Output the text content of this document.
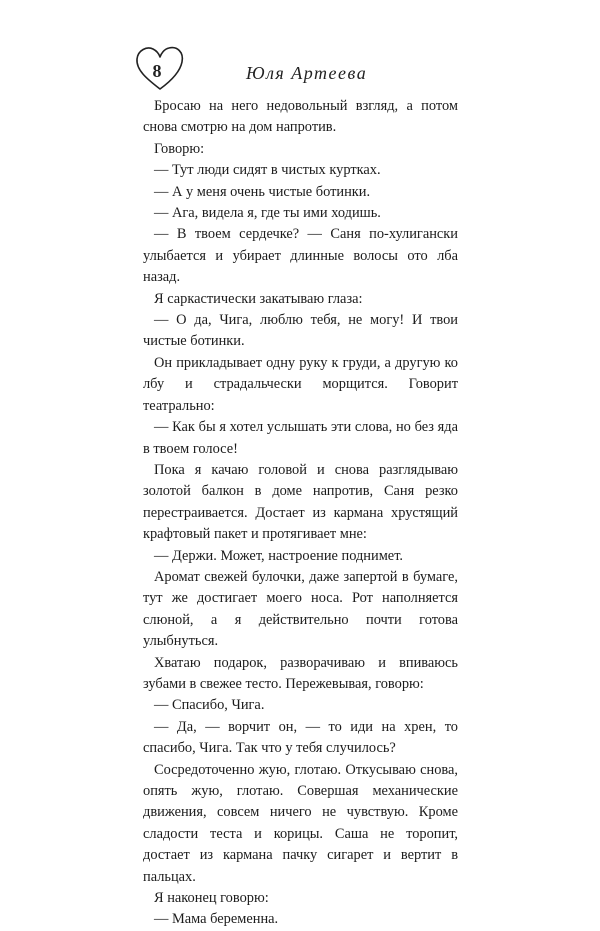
8	Юля Артеева

Бросаю на него недовольный взгляд, а потом снова смотрю на дом напротив.

Говорю:

— Тут люди сидят в чистых куртках.

— А у меня очень чистые ботинки.

— Ага, видела я, где ты ими ходишь.

— В твоем сердечке? — Саня по-хулигански улыбается и убирает длинные волосы ото лба назад.

Я саркастически закатываю глаза:

— О да, Чига, люблю тебя, не могу! И твои чистые ботинки.

Он прикладывает одну руку к груди, а другую ко лбу и страдальчески морщится. Говорит театрально:

— Как бы я хотел услышать эти слова, но без яда в твоем голосе!

Пока я качаю головой и снова разглядываю золотой балкон в доме напротив, Саня резко перестраивается. Достает из кармана хрустящий крафтовый пакет и протягивает мне:

— Держи. Может, настроение поднимет.

Аромат свежей булочки, даже запертой в бумаге, тут же достигает моего носа. Рот наполняется слюной, а я действительно почти готова улыбнуться.

Хватаю подарок, разворачиваю и впиваюсь зубами в свежее тесто. Пережевывая, говорю:

— Спасибо, Чига.

— Да, — ворчит он, — то иди на хрен, то спасибо, Чига. Так что у тебя случилось?

Сосредоточенно жую, глотаю. Откусываю снова, опять жую, глотаю. Совершая механические движения, совсем ничего не чувствую. Кроме сладости теста и корицы. Саша не торопит, достает из кармана пачку сигарет и вертит в пальцах.

Я наконец говорю:

— Мама беременна.
